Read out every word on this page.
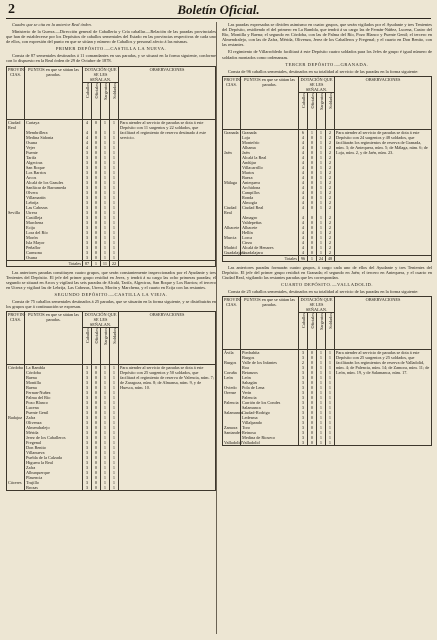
2	Boletín Oficial.

Cuadro que se cita en la anterior Real órden.

Ministerio de la Guerra.—Dirección general de Caballería y Cría caballar.—Relación de las paradas provinciales que han de establecerse por los Depósitos de caballos sementales del Estado en las provincias respectivas de cada uno de ellos, con expresión del punto en que se sitúan y número de Caballos y personal afecto á las mismas.

PRIMER DEPÓSITO.—CASTILLA LA NUEVA.

Consta de 87 sementales destinados á 11 comandantes en sus paradas, y se situará en la forma siguiente, conforme con lo dispuesto en la Real órden de 29 de Octubre de 1878.

PROVIN- CIAS.	PUNTOS en que se sitúan las paradas.	DOTACIÓN QUE SE LES SEÑALAN.				OBSERVACIONES
		Caballos	Oficiales	Sargentos	Soldados	
Ciudad Real	Cartaya	4	0	1	1	Para atender al servicio de paradas se dota á este Depósito con 11 sargentos y 22 soldados, que facilitará el regimiento de reserva destinado á este servicio.
	Membrillera	4	0	1	1	
	Medina Sidonia	4	0	1	1	
	Osuna	4	0	1	1	
	Vejer	4	0	1	1	
	Fuente	3	0	1	1	
	Tarifa	3	0	1	1	
	Algeciras	3	0	1	1	
	San Roque	3	0	1	1	
	Los Barrios	3	0	1	1	
	Arcos	3	0	1	1	
	Alcalá de los Gazules	3	0	1	1	
	Sanlúcar de Barrameda	3	0	1	1	
	Olvera	3	0	1	1	
	Villamartín	3	0	1	1	
	Lebrija	3	0	1	1	
	Las Cabezas	3	0	1	1	
Sevilla	Utrera	3	0	1	1	
	Castilleja	3	0	1	1	
	Marchena	3	0	1	1	
	Ecija	3	0	1	1	
	Lora del Río	3	0	1	1	
	Morón	3	0	1	1	
	Isla Mayor	3	0	1	1	
	Peñaflor	3	0	1	1	
	Carmona	3	0	1	1	
	Osuna	3	0	1	1	
Totales		87	1	11	22	

Las anteriores paradas constituyen cuatro grupos, que serán constantemente inspeccionados por el Ayudante y tres Tenientes del Depósito. El jefe del primer grupo residirá en Jerez, y tendrá á su cargo las ocho primeras paradas; el segundo se situará en Arcos y vigilará las seis paradas de Alcalá, Tarifa, Algeciras, San Roque y Los Barrios; el tercero en Utrera y vigilará las de Lebrija, Las Cabezas, Utrera, Morón y Marchena, y el cuarto en Ecija con las restantes.

SEGUNDO DEPÓSITO.—CASTILLA LA VIEJA.

Consta de 75 caballos sementales destinados á 25 paradas, que se situarán en la forma siguiente, y se distribuirán en los grupos que á continuación se expresan.

PROVIN- CIAS.	PUNTOS en que se sitúan las paradas.	DOTACIÓN QUE SE LES SEÑALAN.				OBSERVACIONES
		Caballos	Oficiales	Sargentos	Soldados	
Córdoba	La Rambla	3	0	1	1	Para atender al servicio de paradas se dota á este Depósito con 25 sargentos y 50 soldados, que facilitará el regimiento de reserva de Valencia, núm. 7; de Zaragoza, núm. 8; de Almansa, núm. 9, y de Huesca, núm. 10.
	Córdoba	3	0	1	1	
	Baena	3	0	1	1	
	Montilla	3	0	1	1	
	Baena	3	0	1	1	
	Fernan-Nuñez	3	0	1	1	
	Palma del Río	3	0	1	1	
	Pozo Blanco	3	0	1	1	
	Lucena	3	0	1	1	
	Puente Genil	3	0	1	1	
Badajoz	Zafra	3	0	1	1	
	Olivenza	3	0	1	1	
	Almendralejo	3	0	1	1	
	Mérida	3	0	1	1	
	Jerez de los Caballeros	3	0	1	1	
	Fregenal	3	0	1	1	
	Don Benito	3	0	1	1	
	Villanueva	3	0	1	1	
	Puebla de la Calzada	3	0	1	1	
	Higuera la Real	3	0	1	1	
	Zafra	3	0	1	1	
	Alburquerque	3	0	1	1	
	Plasencia	3	0	1	1	
Cáceres	Trujillo	3	0	1	1	
	Brozas	3	0	1	1	

Las paradas expresadas se dividen asimismo en cuatro grupos, que serán vigilados por el Ayudante y tres Tenientes del Depósito, residiendo el del primero en La Rambla, que tendrá á su cargo las de Fernán-Núñez, Lucena, Castro del Río, Montilla y Baena; el segundo en Córdoba, con las de Palma del Río, Pozo Blanco y Puente Genil; el tercero en Almendralejo, con las de Zafra, Mérida, Olivenza, Jerez de los Caballeros y Fregenal; y el cuarto en Don Benito, con las restantes.

El regimiento de Villarrobledo facilitará á este Depósito cuatro soldados para los Jefes de grupo é igual número de soldados montados como ordenanzas.

TERCER DEPÓSITO.—GRANADA.

Consta de 96 caballos sementales, destinados en su totalidad al servicio de las paradas en la forma siguiente:

PROVIN- CIAS.	PUNTOS en que se sitúan las paradas.	DOTACIÓN QUE SE LES SEÑALAN.				OBSERVACIONES
		Caballos	Oficiales	Sargentos	Soldados	
Granada	Granada	6	1	1	2	Para atender al servicio de paradas se dota á este Depósito con 24 sargentos y 48 soldados, que facilitarán los regimientos de reserva de Granada, núm. 3; de Antequera, núm. 5; de Málaga, núm. 6; de Loja, núm. 2, y de Jaén, núm. 23.
	Loja	4	0	1	2	
	Montefrío	4	0	1	2	
	Alhama	4	0	1	2	
Jaén	Jaén	4	0	1	2	
	Alcalá la Real	4	0	1	2	
	Andújar	4	0	1	2	
	Villacarrillo	4	0	1	2	
	Martos	4	0	1	2	
	Baeza	4	0	1	2	
Málaga	Antequera	4	0	1	2	
	Archidona	4	0	1	2	
	Campillos	4	0	1	2	
	Ronda	4	0	1	2	
	Almogía	4	0	1	2	
Ciudad Real	Ciudad Real	4	0	1	2	
	Almagro	4	0	1	2	
	Valdepeñas	4	0	1	2	
Albacete	Albacete	4	0	1	2	
	Hellín	4	0	1	2	
Murcia	Lorca	4	0	1	2	
	Cieza	4	0	1	2	
Madrid	Alcalá de Henares	4	0	1	2	
Guadalajara	Guadalajara	4	0	1	2	
Totales		96	1	24	48	

Las anteriores paradas formarán cuatro grupos, á cargo cada uno de ellos del Ayudante y tres Tenientes del Depósito. El jefe del primer grupo residirá en Granada; el segundo en Jaén; el tercero en Antequera, y el cuarto en Ciudad Real, vigilando las restantes paradas que les correspondan.

CUARTO DEPÓSITO.—VALLADOLID.

Consta de 25 caballos sementales, destinados en su totalidad al servicio de las paradas en la forma siguiente:

PROVIN- CIAS.	PUNTOS en que se sitúan las paradas.	DOTACIÓN QUE SE LES SEÑALAN.				OBSERVACIONES
		Caballos	Oficiales	Sargentos	Soldados	
Ávila	Piedrahíta	3	0	1	1	Para atender al servicio de paradas se dota á este Depósito con 25 sargentos y 25 soldados, que facilitarán los regimientos de reserva de Valladolid, núm. 4; de Palencia, núm. 14; de Zamora, núm. 11; de León, núm. 19, y de Salamanca, núm. 17.
	Burgos	3	0	1	1	
Burgos	Valle de los Infantes	2	0	1	1	
	Roa	3	0	1	1	
Coruña	Betanzos	3	0	1	1	
León	León	3	0	1	1	
	Sahagún	3	0	1	1	
Oviedo	Pola de Lena	3	0	1	1	
Orense	Verín	3	0	1	1	
	Palencia	3	0	1	1	
Palencia	Carrión de los Condes	3	0	1	1	
	Salamanca	3	0	1	1	
Salamanca	Ciudad-Rodrigo	3	0	1	1	
	Ledesma	3	0	1	1	
	Villalpando	3	0	1	1	
Zamora	Toro	3	0	1	1	
Santander	Reinosa	3	0	1	1	
	Medina de Rioseco	3	0	1	1	
Valladolid	Valladolid	3	0	1	1	
